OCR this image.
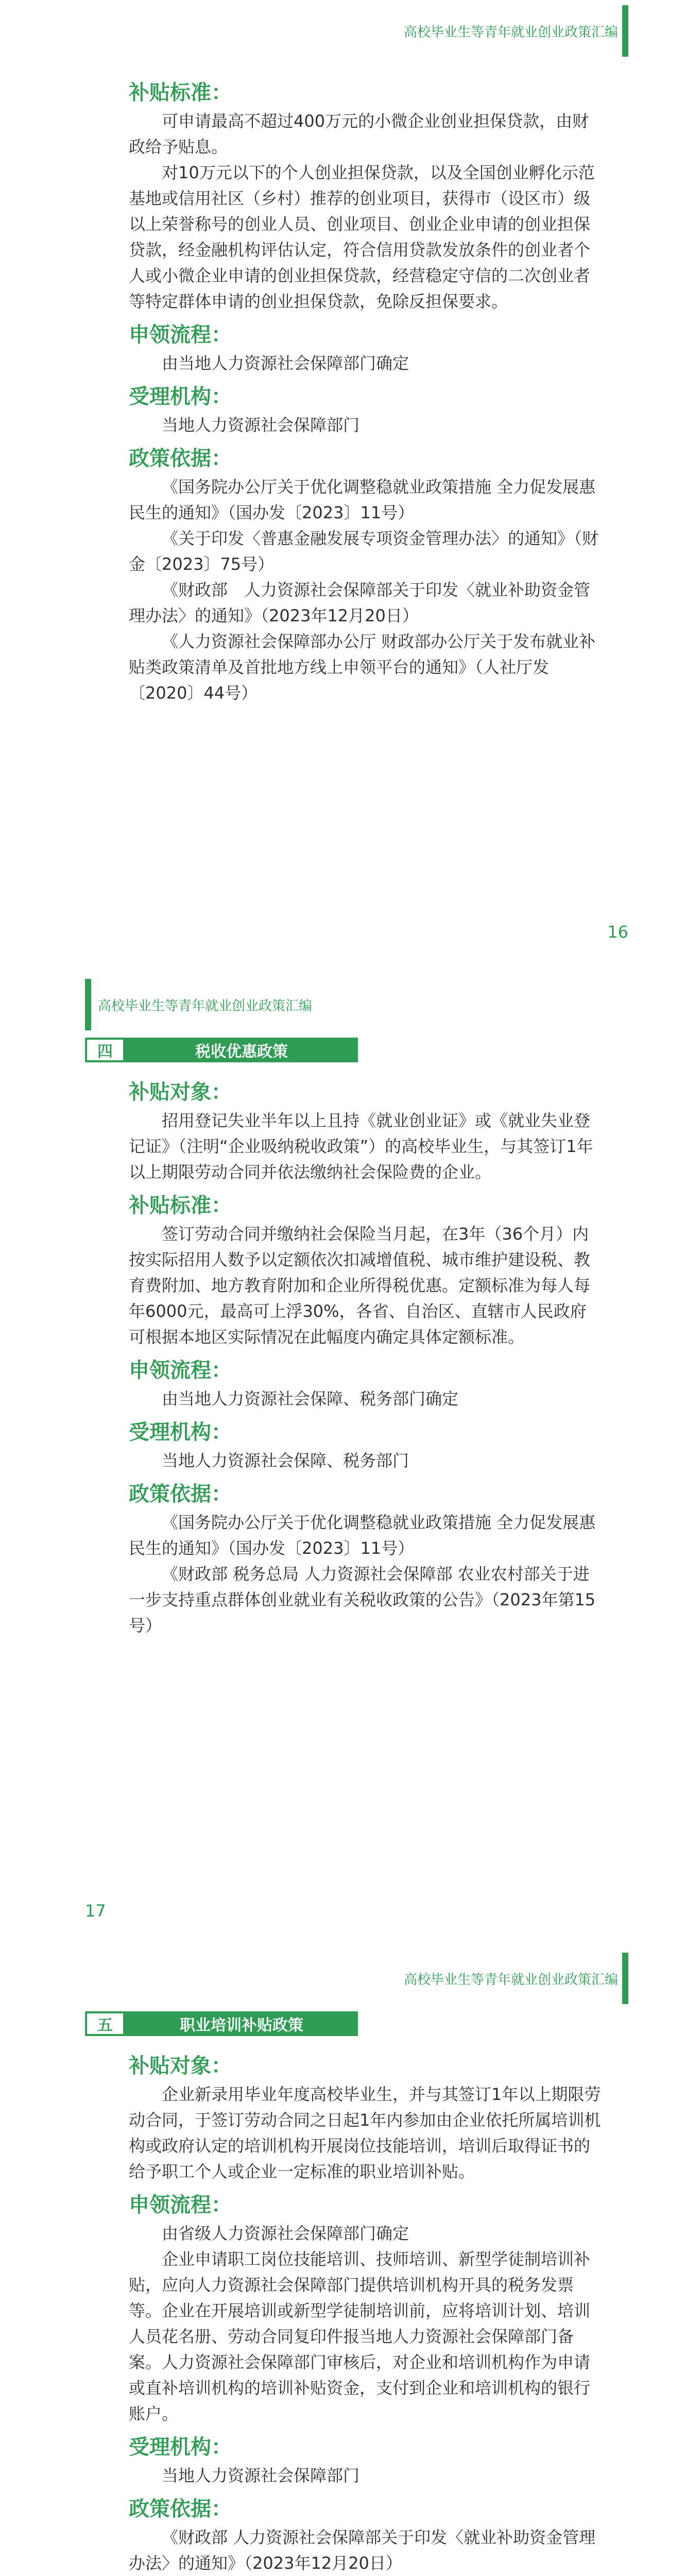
高校毕业生等青年就业创业政策汇编
补贴标准：

可申请最高不超过400万元的小微企业创业担保贷款，由财政给予贴息。

对10万元以下的个人创业担保贷款，以及全国创业孵化示范基地或信用社区（乡村）推荐的创业项目，获得市（设区市）级以上荣誉称号的创业人员、创业项目、创业企业申请的创业担保贷款，经金融机构评估认定，符合信用贷款发放条件的创业者个人或小微企业申请的创业担保贷款，经营稳定守信的二次创业者等特定群体申请的创业担保贷款，免除反担保要求。

申领流程：

由当地人力资源社会保障部门确定

受理机构：

当地人力资源社会保障部门

政策依据：

《国务院办公厅关于优化调整稳就业政策措施 全力促发展惠民生的通知》（国办发〔2023〕11号）

《关于印发〈普惠金融发展专项资金管理办法〉的通知》（财金〔2023〕75号）

《财政部　人力资源社会保障部关于印发〈就业补助资金管理办法〉的通知》（2023年12月20日）

《人力资源社会保障部办公厅 财政部办公厅关于发布就业补贴类政策清单及首批地方线上申领平台的通知》（人社厅发〔2020〕44号）

16
高校毕业生等青年就业创业政策汇编
四	税收优惠政策
补贴对象：

招用登记失业半年以上且持《就业创业证》或《就业失业登记证》（注明“企业吸纳税收政策”）的高校毕业生，与其签订1年以上期限劳动合同并依法缴纳社会保险费的企业。

补贴标准：

签订劳动合同并缴纳社会保险当月起，在3年（36个月）内按实际招用人数予以定额依次扣减增值税、城市维护建设税、教育费附加、地方教育附加和企业所得税优惠。定额标准为每人每年6000元，最高可上浮30%，各省、自治区、直辖市人民政府可根据本地区实际情况在此幅度内确定具体定额标准。

申领流程：

由当地人力资源社会保障、税务部门确定

受理机构：

当地人力资源社会保障、税务部门

政策依据：

《国务院办公厅关于优化调整稳就业政策措施 全力促发展惠民生的通知》（国办发〔2023〕11号）

《财政部 税务总局 人力资源社会保障部 农业农村部关于进一步支持重点群体创业就业有关税收政策的公告》（2023年第15号）

17
高校毕业生等青年就业创业政策汇编
五	职业培训补贴政策
补贴对象：

企业新录用毕业年度高校毕业生，并与其签订1年以上期限劳动合同，于签订劳动合同之日起1年内参加由企业依托所属培训机构或政府认定的培训机构开展岗位技能培训，培训后取得证书的给予职工个人或企业一定标准的职业培训补贴。

申领流程：

由省级人力资源社会保障部门确定

企业申请职工岗位技能培训、技师培训、新型学徒制培训补贴，应向人力资源社会保障部门提供培训机构开具的税务发票等。企业在开展培训或新型学徒制培训前，应将培训计划、培训人员花名册、劳动合同复印件报当地人力资源社会保障部门备案。人力资源社会保障部门审核后，对企业和培训机构作为申请或直补培训机构的培训补贴资金，支付到企业和培训机构的银行账户。

受理机构：

当地人力资源社会保障部门

政策依据：

《财政部 人力资源社会保障部关于印发〈就业补助资金管理办法〉的通知》（2023年12月20日）
